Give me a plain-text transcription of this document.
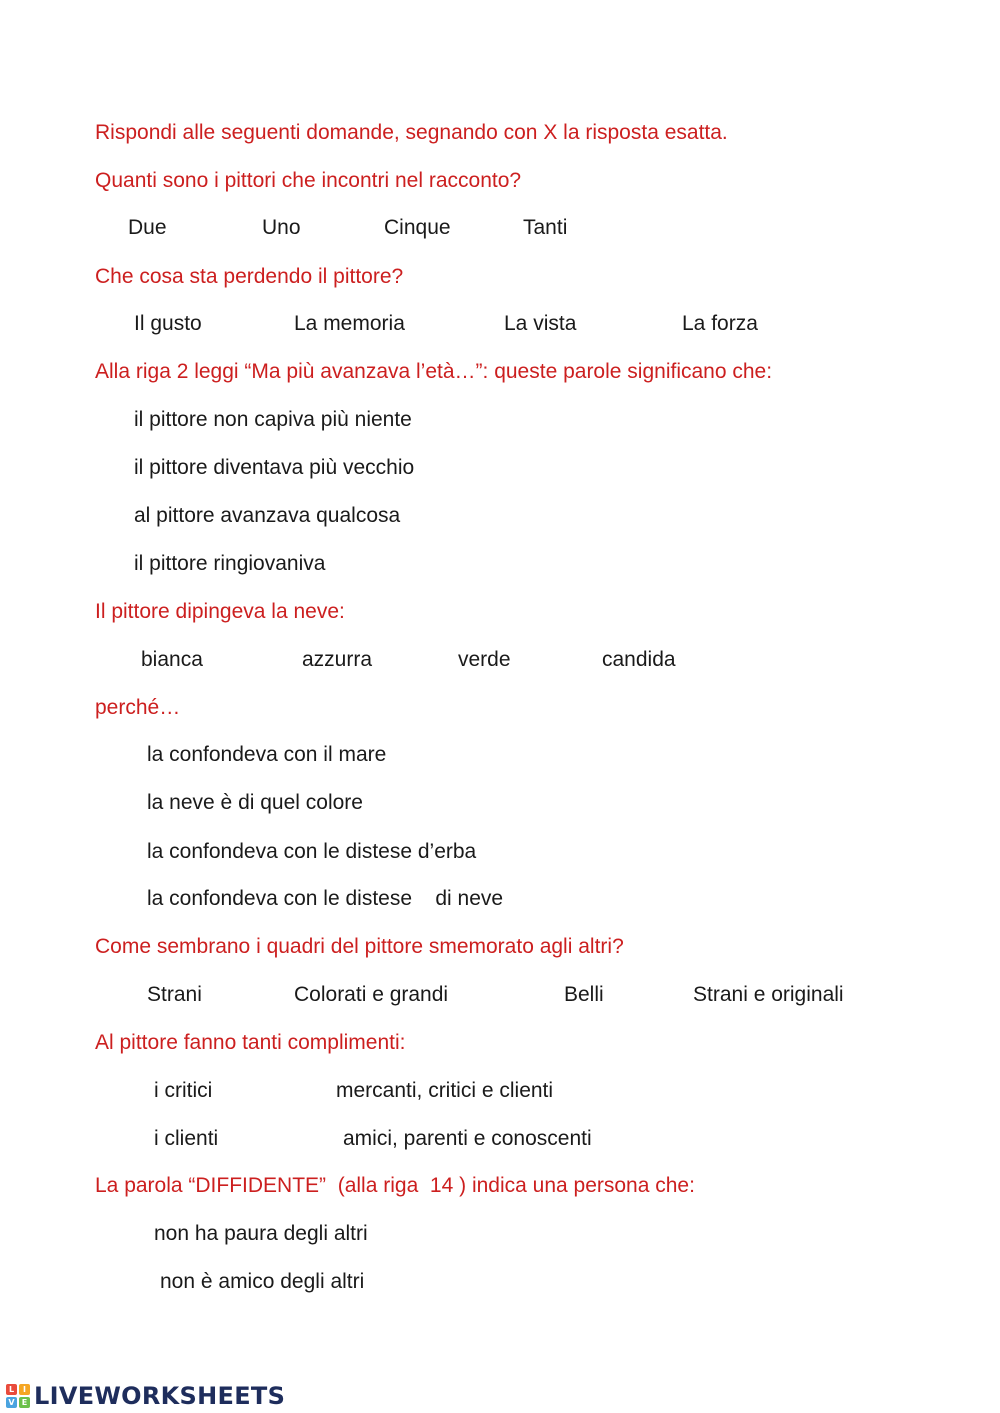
Rispondi alle seguenti domande, segnando con X la risposta esatta.

Quanti sono i pittori che incontri nel racconto?

Due	Uno	Cinque	Tanti

Che cosa sta perdendo il pittore?

Il gusto	La memoria	La vista	La forza

Alla riga 2 leggi “Ma più avanzava l’età…”: queste parole significano che:

il pittore non capiva più niente

il pittore diventava più vecchio

al pittore avanzava qualcosa

il pittore ringiovaniva

Il pittore dipingeva la neve:

bianca	azzurra	verde	candida

perché…

la confondeva con il mare

la neve è di quel colore

la confondeva con le distese d’erba

la confondeva con le distese    di neve

Come sembrano i quadri del pittore smemorato agli altri?

Strani	Colorati e grandi	Belli	Strani e originali

Al pittore fanno tanti complimenti:

i critici	mercanti, critici e clienti

i clienti	amici, parenti e conoscenti

La parola “DIFFIDENTE”  (alla riga  14 ) indica una persona che:

non ha paura degli altri

non è amico degli altri

L	I
V E LIVEWORKSHEETS
